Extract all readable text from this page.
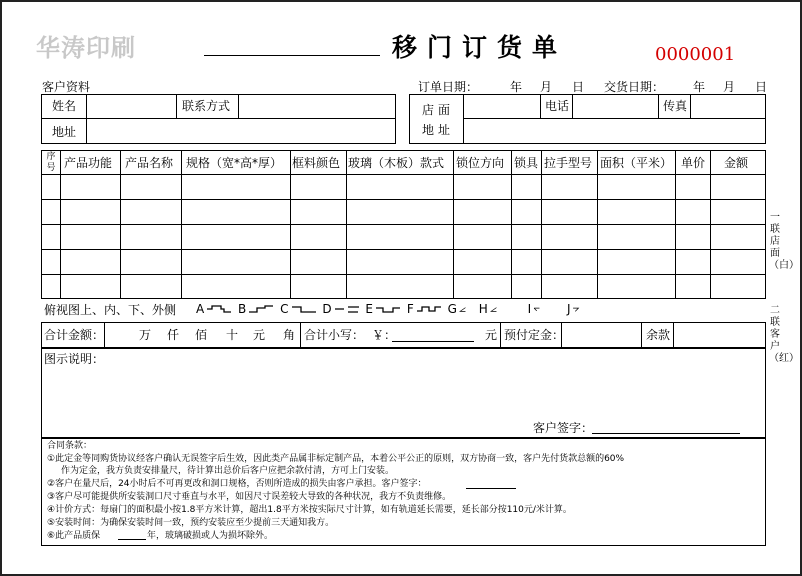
华涛印刷	移门订货单	0000001
客户资料
姓名	联系方式
地址
订单日期：	年 月 日 交货日期： 年 月 日
店面
地址
电话	传真
序号 产品功能 产品名称 规格（宽*高*厚） 框料颜色 玻璃（木板）款式 锁位方向 锁具 拉手型号 面积（平米） 单价 金额
俯视图上、内、下、外侧 A	B	C	D	E	F	G H	I	J
合计金额：	万 仟 佰 十 元 角 合计小写： ￥：	元 预付定金：	余款
图示说明：
客户签字：
合同条款：
①此定金等同购货协议经客户确认无误签字后生效，因此类产品属非标定制产品，本着公平公正的原则，双方协商一致，客户先付货款总额的60%
作为定金，我方负责安排量尺，待计算出总价后客户应把余款付清，方可上门安装。
②客户在量尺后，24小时后不可再更改和洞口规格，否则所造成的损失由客户承担。客户签字：
③客户尽可能提供所安装洞口尺寸垂直与水平，如因尺寸误差较大导致的各种状况，我方不负责维修。
④计价方式：每扇门的面积最小按1.8平方米计算，超出1.8平方米按实际尺寸计算，如有轨道延长需要，延长部分按110元/米计算。
⑤安装时间：为确保安装时间一致，预约安装应至少提前三天通知我方。
⑥此产品质保	年，玻璃破损或人为损坏除外。
一联 店面（白）
二联 客户（红）
